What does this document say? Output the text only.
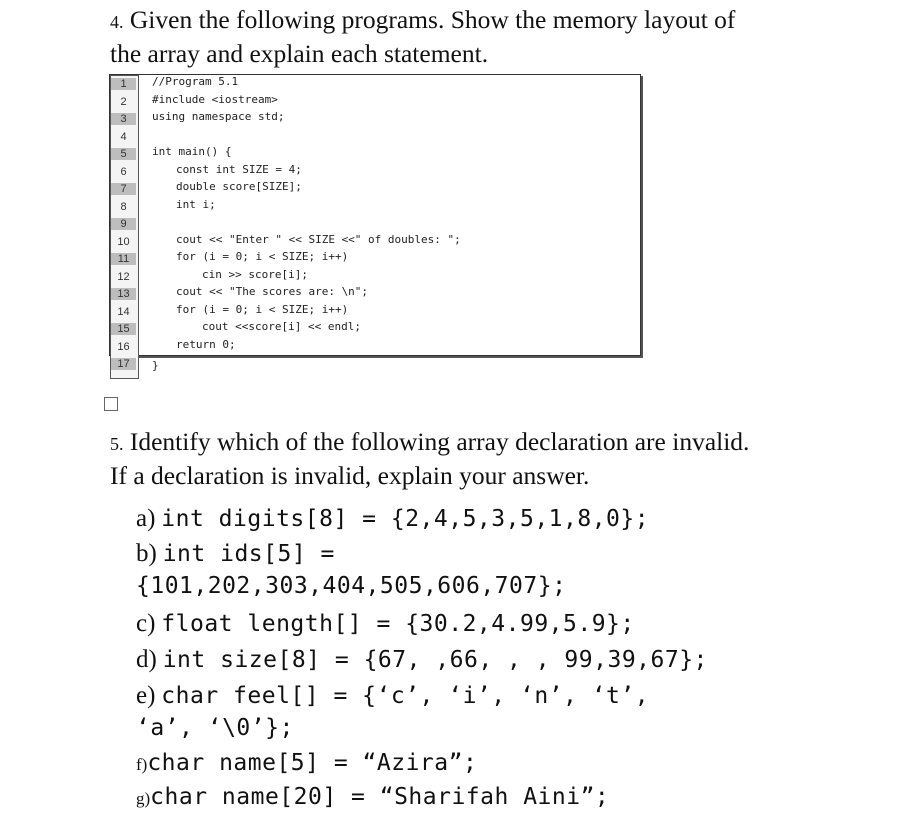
4. Given the following programs. Show the memory layout of
the array and explain each statement.
1
2
3
4
5
6
7
8
9
10
11
12
13
14
15
16
17
//Program 5.1
#include <iostream>
using namespace std;
int main() {
const int SIZE = 4;
double score[SIZE];
int i;
cout << "Enter " << SIZE <<" of doubles: ";
for (i = 0; i < SIZE; i++)
cin >> score[i];
cout << "The scores are: \n";
for (i = 0; i < SIZE; i++)
cout <<score[i] << endl;
return 0;
}
5. Identify which of the following array declaration are invalid.
If a declaration is invalid, explain your answer.
a) int digits[8] = {2,4,5,3,5,1,8,0};
b) int ids[5] =
{101,202,303,404,505,606,707};
c) float length[] = {30.2,4.99,5.9};
d) int size[8] = {67, ,66, , , 99,39,67};
e) char feel[] = {‘c’, ‘i’, ‘n’, ‘t’,
‘a’, ‘\0’};
f)char name[5] = “Azira”;
g)char name[20] = “Sharifah Aini”;
